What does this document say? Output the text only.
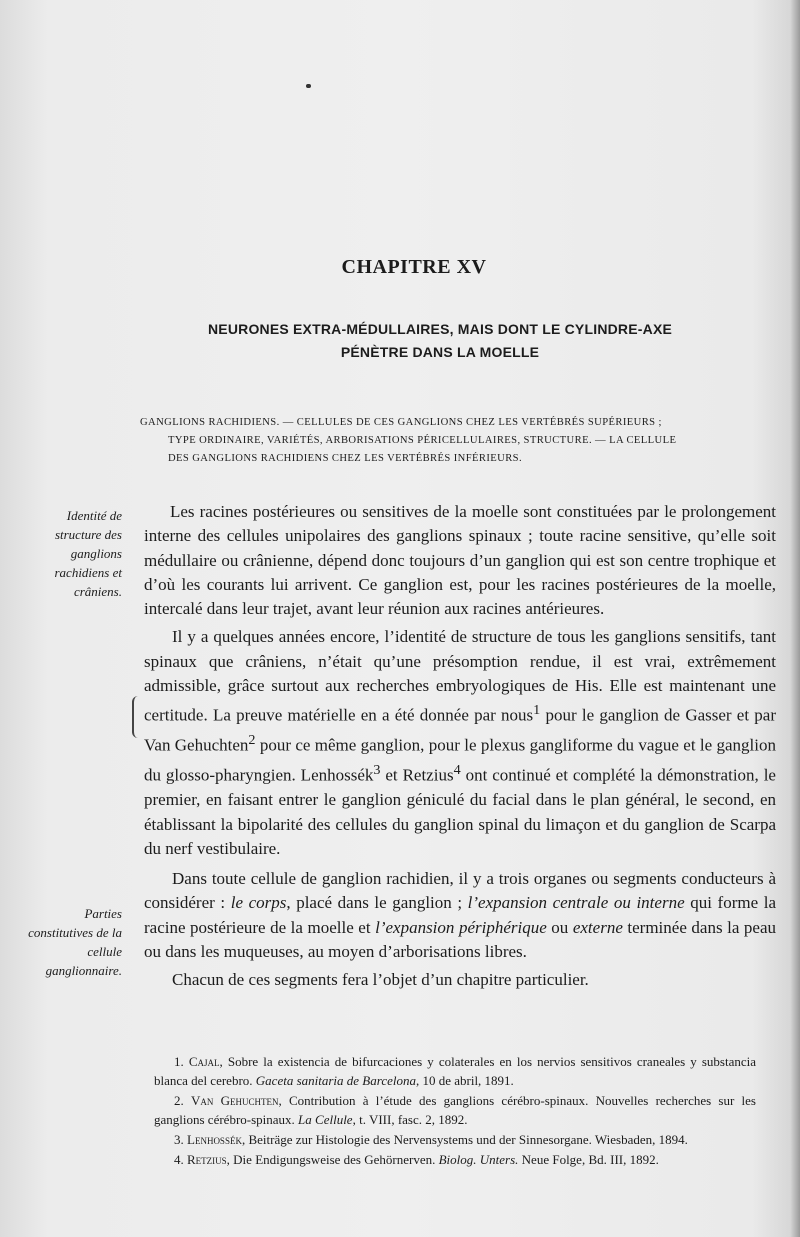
CHAPITRE XV
NEURONES EXTRA-MÉDULLAIRES, MAIS DONT LE CYLINDRE-AXE
PÉNÈTRE DANS LA MOELLE

GANGLIONS RACHIDIENS. — CELLULES DE CES GANGLIONS CHEZ LES VERTÉBRÉS SUPÉRIEURS ;

TYPE ORDINAIRE, VARIÉTÉS, ARBORISATIONS PÉRICELLULAIRES, STRUCTURE. — LA CELLULE
DES GANGLIONS RACHIDIENS CHEZ LES VERTÉBRÉS INFÉRIEURS.

Identité de structure des ganglions rachidiens et crâniens.

Parties constitutives de la cellule ganglionnaire.

Les racines postérieures ou sensitives de la moelle sont constituées par le prolongement interne des cellules unipolaires des ganglions spinaux ; toute racine sensitive, qu’elle soit médullaire ou crânienne, dépend donc toujours d’un ganglion qui est son centre trophique et d’où les courants lui arrivent. Ce ganglion est, pour les racines postérieures de la moelle, intercalé dans leur trajet, avant leur réunion aux racines antérieures.

Il y a quelques années encore, l’identité de structure de tous les ganglions sensitifs, tant spinaux que crâniens, n’était qu’une présomption rendue, il est vrai, extrêmement admissible, grâce surtout aux recherches embryologiques de His. Elle est maintenant une certitude. La preuve matérielle en a été donnée par nous$^1$ pour le ganglion de Gasser et par Van Gehuchten$^2$ pour ce même ganglion, pour le plexus gangliforme du vague et le ganglion du glosso-pharyngien. Lenhossék$^3$ et Retzius$^4$ ont continué et complété la démonstration, le premier, en faisant entrer le ganglion géniculé du facial dans le plan général, le second, en établissant la bipolarité des cellules du ganglion spinal du limaçon et du ganglion de Scarpa du nerf vestibulaire.

Dans toute cellule de ganglion rachidien, il y a trois organes ou segments conducteurs à considérer : le corps, placé dans le ganglion ; l’expansion centrale ou interne qui forme la racine postérieure de la moelle et l’expansion périphérique ou externe terminée dans la peau ou dans les muqueuses, au moyen d’arborisations libres.

Chacun de ces segments fera l’objet d’un chapitre particulier.

1. Cajal, Sobre la existencia de bifurcaciones y colaterales en los nervios sensitivos craneales y substancia blanca del cerebro. Gaceta sanitaria de Barcelona, 10 de abril, 1891.

2. Van Gehuchten, Contribution à l’étude des ganglions cérébro-spinaux. Nouvelles recherches sur les ganglions cérébro-spinaux. La Cellule, t. VIII, fasc. 2, 1892.

3. Lenhossék, Beiträge zur Histologie des Nervensystems und der Sinnesorgane. Wiesbaden, 1894.

4. Retzius, Die Endigungsweise des Gehörnerven. Biolog. Unters. Neue Folge, Bd. III, 1892.
